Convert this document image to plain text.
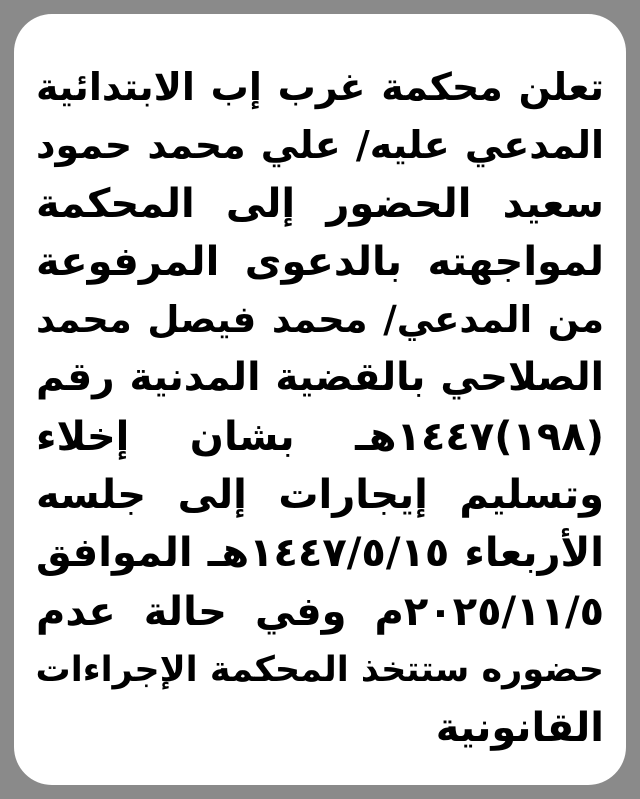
تعلن محكمة غرب إب الابتدائية
المدعي عليه/ علي محمد حمود
سعيد الحضور إلى المحكمة
لمواجهته بالدعوى المرفوعة
من المدعي/ محمد فيصل محمد
الصلاحي بالقضية المدنية رقم
(١٩٨)١٤٤٧هـ بشان إخلاء
وتسليم إيجارات إلى جلسه
الأربعاء ١٤٤٧/٥/١٥هـ الموافق
٢٠٢٥/١١/٥م وفي حالة عدم
حضوره ستتخذ المحكمة الإجراءات
القانونية
